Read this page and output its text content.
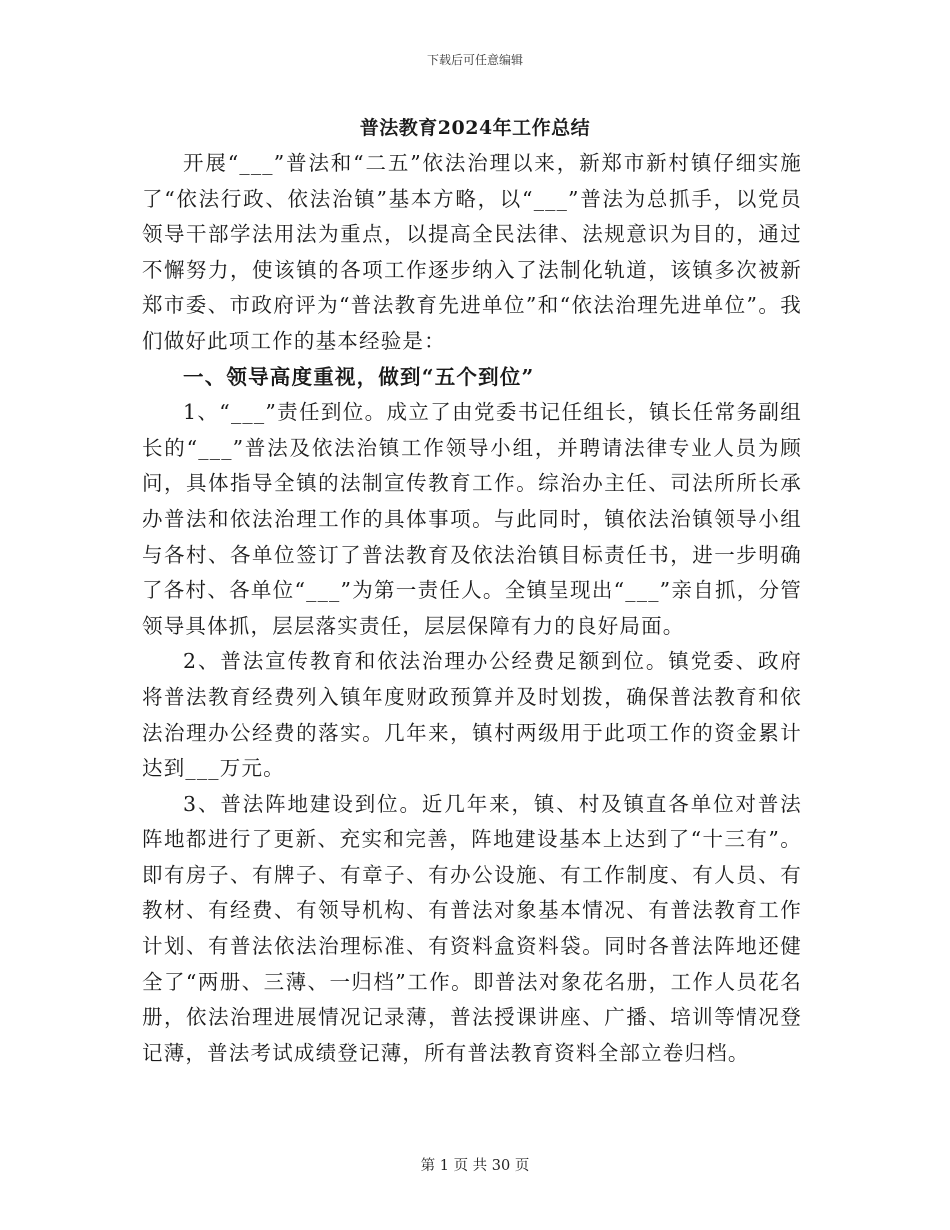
下载后可任意编辑
普法教育2024年工作总结

开展“___”普法和“二五”依法治理以来，新郑市新村镇仔细实施了“依法行政、依法治镇”基本方略，以“___”普法为总抓手，以党员领导干部学法用法为重点，以提高全民法律、法规意识为目的，通过不懈努力，使该镇的各项工作逐步纳入了法制化轨道，该镇多次被新郑市委、市政府评为“普法教育先进单位”和“依法治理先进单位”。我们做好此项工作的基本经验是：

一、领导高度重视，做到“五个到位”

1、“___”责任到位。成立了由党委书记任组长，镇长任常务副组长的“___”普法及依法治镇工作领导小组，并聘请法律专业人员为顾问，具体指导全镇的法制宣传教育工作。综治办主任、司法所所长承办普法和依法治理工作的具体事项。与此同时，镇依法治镇领导小组与各村、各单位签订了普法教育及依法治镇目标责任书，进一步明确了各村、各单位“___”为第一责任人。全镇呈现出“___”亲自抓，分管领导具体抓，层层落实责任，层层保障有力的良好局面。

2、普法宣传教育和依法治理办公经费足额到位。镇党委、政府将普法教育经费列入镇年度财政预算并及时划拨，确保普法教育和依法治理办公经费的落实。几年来，镇村两级用于此项工作的资金累计达到___万元。

3、普法阵地建设到位。近几年来，镇、村及镇直各单位对普法阵地都进行了更新、充实和完善，阵地建设基本上达到了“十三有”。即有房子、有牌子、有章子、有办公设施、有工作制度、有人员、有教材、有经费、有领导机构、有普法对象基本情况、有普法教育工作计划、有普法依法治理标准、有资料盒资料袋。同时各普法阵地还健全了“两册、三薄、一归档”工作。即普法对象花名册，工作人员花名册，依法治理进展情况记录薄，普法授课讲座、广播、培训等情况登记薄，普法考试成绩登记薄，所有普法教育资料全部立卷归档。

第 1 页 共 30 页
